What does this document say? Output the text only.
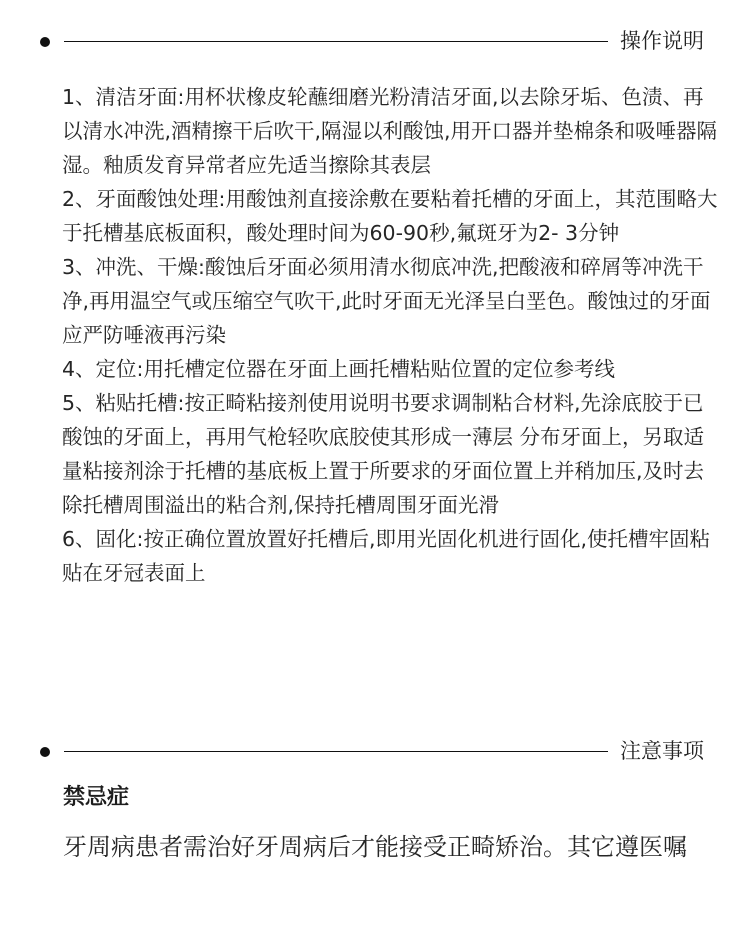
操作说明

1、清洁牙面:用杯状橡皮轮蘸细磨光粉清洁牙面,以去除牙垢、色渍、再以清水冲洗,酒精擦干后吹干,隔湿以利酸蚀,用开口器并垫棉条和吸唾器隔湿。釉质发育异常者应先适当擦除其表层

2、牙面酸蚀处理:用酸蚀剂直接涂敷在要粘着托槽的牙面上，其范围略大于托槽基底板面积，酸处理时间为60-90秒,氟斑牙为2- 3分钟

3、冲洗、干燥:酸蚀后牙面必须用清水彻底冲洗,把酸液和碎屑等冲洗干净,再用温空气或压缩空气吹干,此时牙面无光泽呈白垩色。酸蚀过的牙面应严防唾液再污染

4、定位:用托槽定位器在牙面上画托槽粘贴位置的定位参考线

5、粘贴托槽:按正畸粘接剂使用说明书要求调制粘合材料,先涂底胶于已酸蚀的牙面上，再用气枪轻吹底胶使其形成一薄层 分布牙面上，另取适量粘接剂涂于托槽的基底板上置于所要求的牙面位置上并稍加压,及时去除托槽周围溢出的粘合剂,保持托槽周围牙面光滑

6、固化:按正确位置放置好托槽后,即用光固化机进行固化,使托槽牢固粘贴在牙冠表面上

注意事项
禁忌症

牙周病患者需治好牙周病后才能接受正畸矫治。其它遵医嘱
